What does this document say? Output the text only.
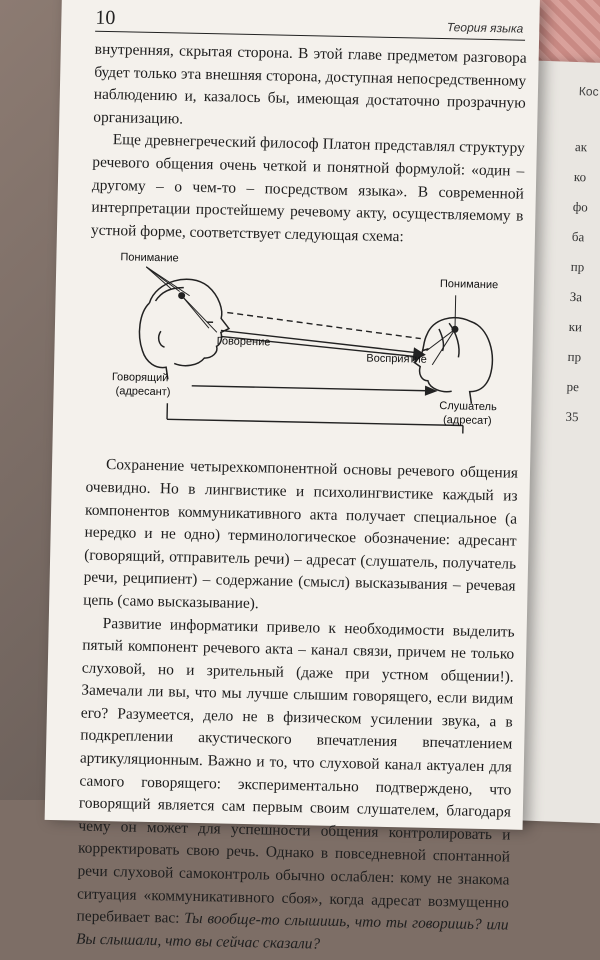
Кос
ак
ко
фо
ба
пр
За
ки
пр
ре
35
10	Теория языка

внутренняя, скрытая сторона. В этой главе предметом разговора будет только эта внешняя сторона, доступная непосредственному наблюдению и, казалось бы, имеющая достаточно прозрачную организацию.

Еще древнегреческий философ Платон представлял структуру речевого общения очень четкой и понятной формулой: «один – другому – о чем-то – посредством языка». В современной интерпретации простейшему речевому акту, осуществляемому в устной форме, соответствует следующая схема:

Понимание
Понимание
Говорение
Восприятие
Говорящий
(адресант)
Слушатель
(адресат)

Сохранение четырехкомпонентной основы речевого общения очевидно. Но в лингвистике и психолингвистике каждый из компонентов коммуникативного акта получает специальное (а нередко и не одно) терминологическое обозначение: адресант (говорящий, отправитель речи) – адресат (слушатель, получатель речи, реципиент) – содержание (смысл) высказывания – речевая цепь (само высказывание).

Развитие информатики привело к необходимости выделить пятый компонент речевого акта – канал связи, причем не только слуховой, но и зрительный (даже при устном общении!). Замечали ли вы, что мы лучше слышим говорящего, если видим его? Разумеется, дело не в физическом усилении звука, а в подкреплении акустического впечатления впечатлением артикуляционным. Важно и то, что слуховой канал актуален для самого говорящего: экспериментально подтверждено, что говорящий является сам первым своим слушателем, благодаря чему он может для успешности общения контролировать и корректировать свою речь. Однако в повседневной спонтанной речи слуховой самоконтроль обычно ослаблен: кому не знакома ситуация «коммуникативного сбоя», когда адресат возмущенно перебивает вас: Ты вообще-то слышишь, что ты говоришь? или Вы слышали, что вы сейчас сказали?
